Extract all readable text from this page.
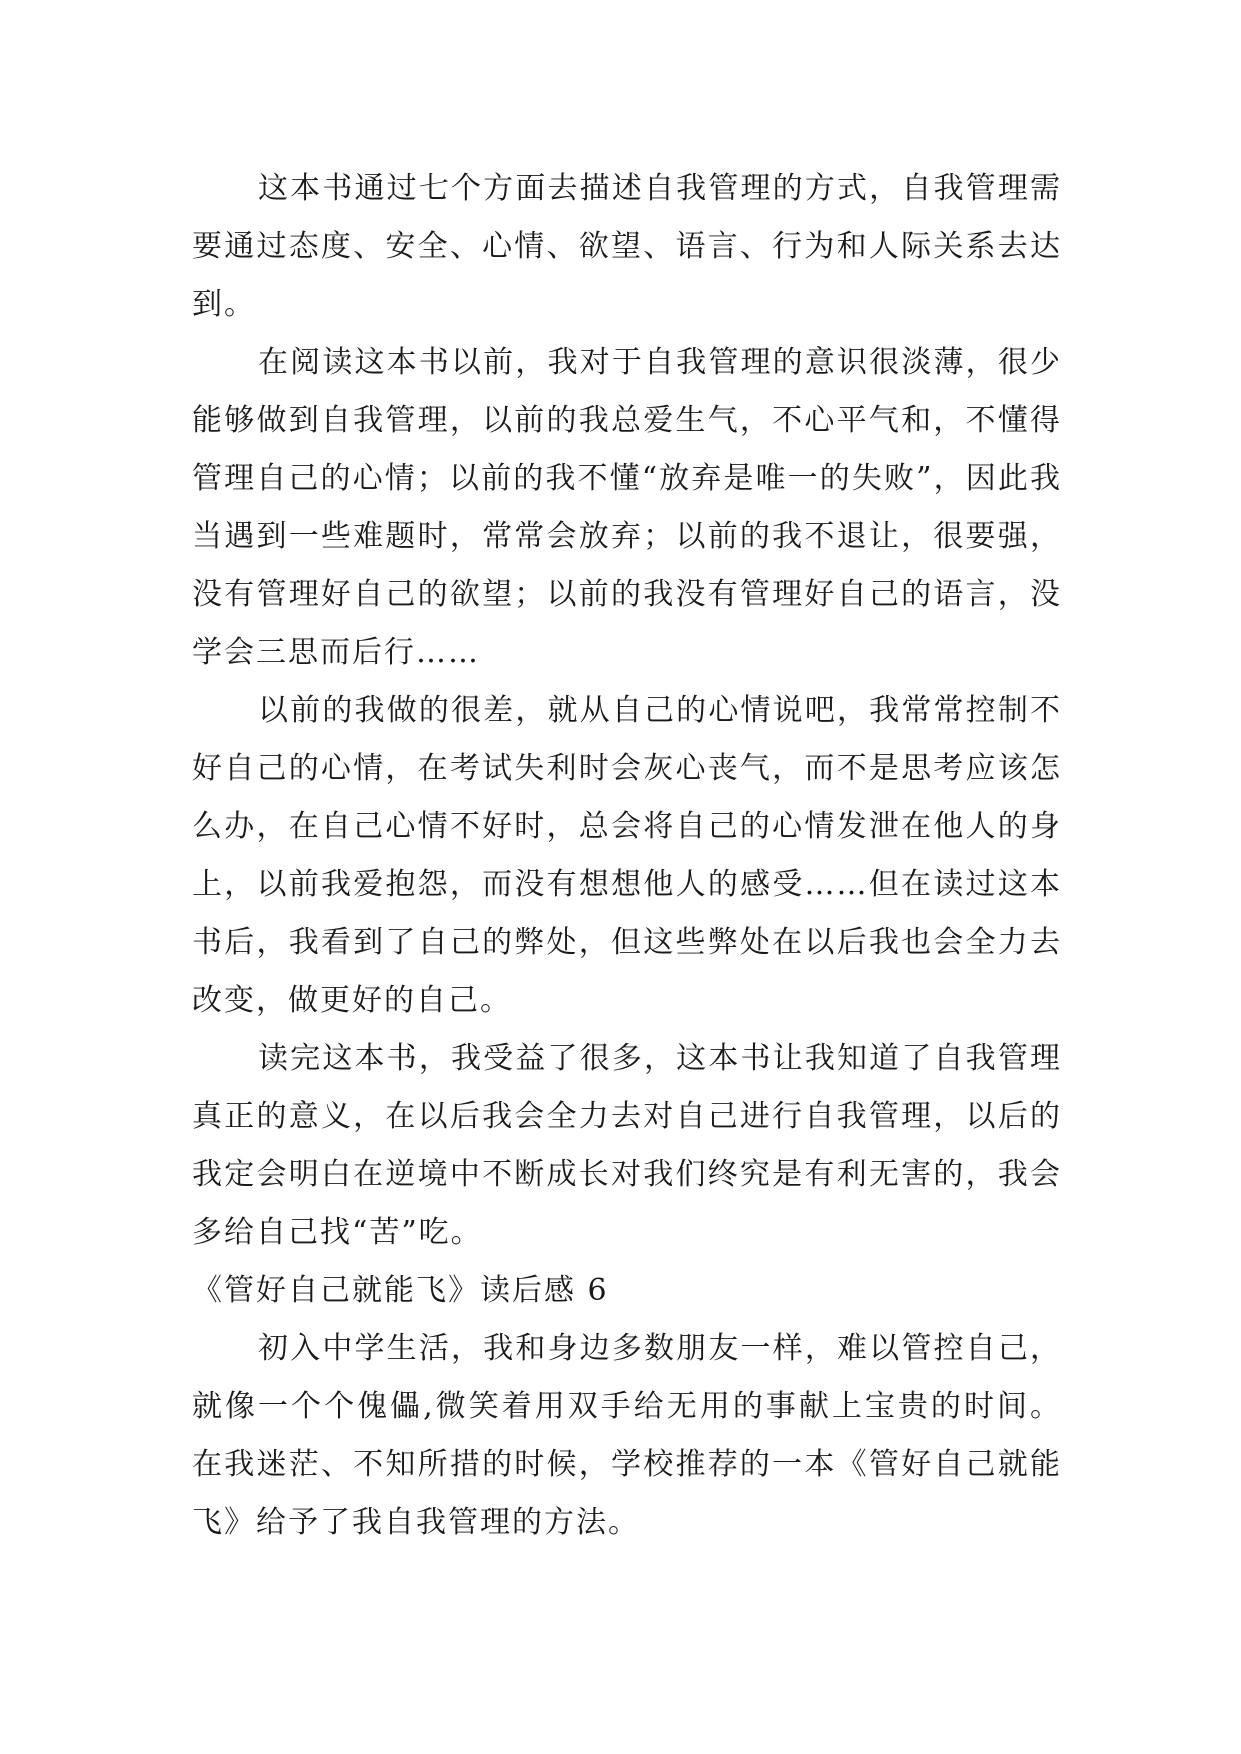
这本书通过七个方面去描述自我管理的方式，自我管理需要通过态度、安全、心情、欲望、语言、行为和人际关系去达到。

在阅读这本书以前，我对于自我管理的意识很淡薄，很少能够做到自我管理，以前的我总爱生气，不心平气和，不懂得管理自己的心情；以前的我不懂“放弃是唯一的失败”，因此我当遇到一些难题时，常常会放弃；以前的我不退让，很要强，没有管理好自己的欲望；以前的我没有管理好自己的语言，没学会三思而后行……

以前的我做的很差，就从自己的心情说吧，我常常控制不好自己的心情，在考试失利时会灰心丧气，而不是思考应该怎么办，在自己心情不好时，总会将自己的心情发泄在他人的身上，以前我爱抱怨，而没有想想他人的感受……但在读过这本书后，我看到了自己的弊处，但这些弊处在以后我也会全力去改变，做更好的自己。

读完这本书，我受益了很多，这本书让我知道了自我管理真正的意义，在以后我会全力去对自己进行自我管理，以后的我定会明白在逆境中不断成长对我们终究是有利无害的，我会多给自己找“苦”吃。

《管好自己就能飞》读后感 6

初入中学生活，我和身边多数朋友一样，难以管控自己，就像一个个傀儡,微笑着用双手给无用的事献上宝贵的时间。在我迷茫、不知所措的时候，学校推荐的一本《管好自己就能飞》给予了我自我管理的方法。
